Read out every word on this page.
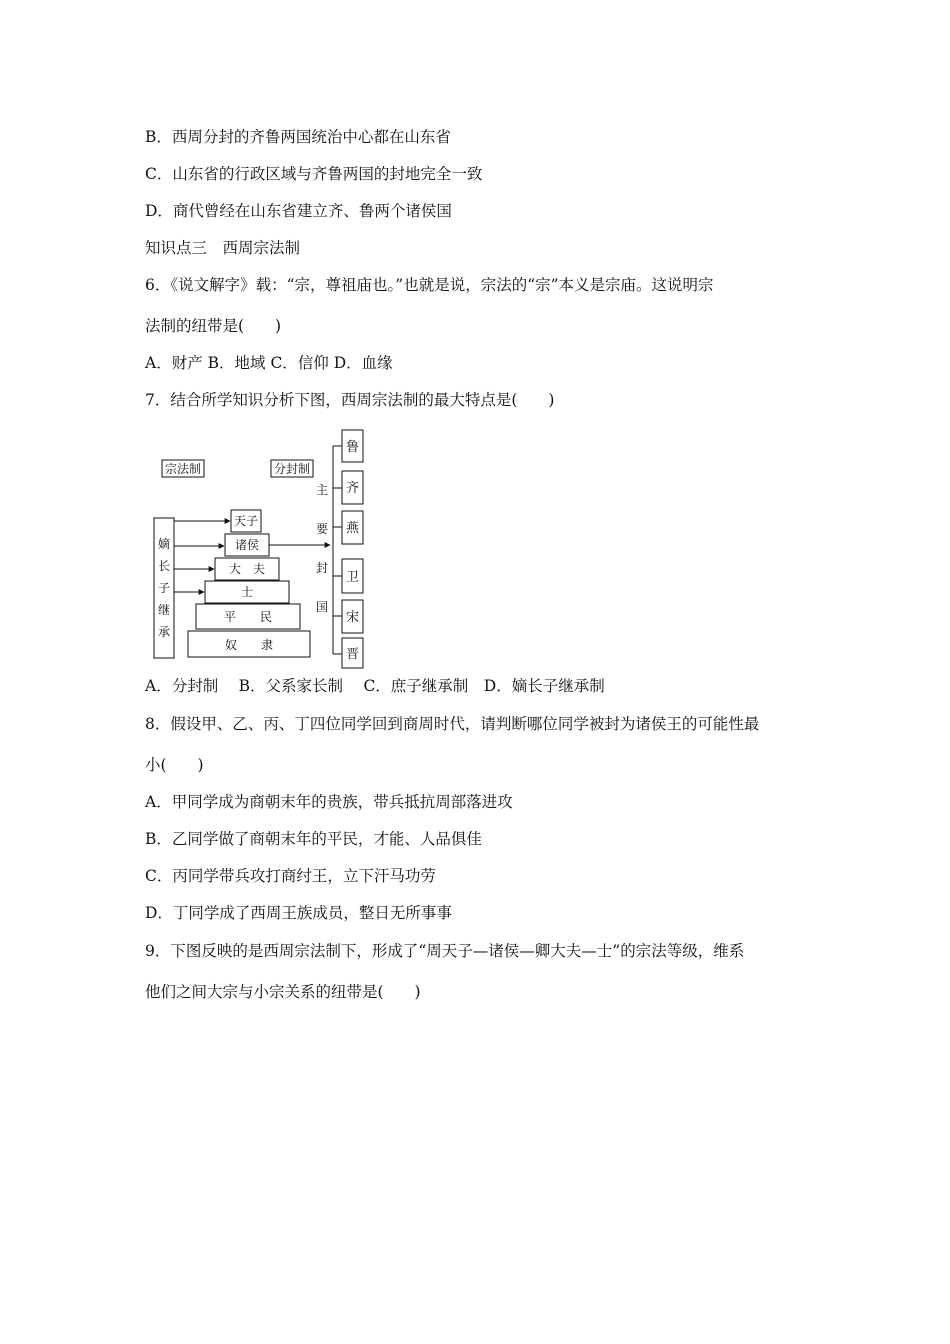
B．西周分封的齐鲁两国统治中心都在山东省
C．山东省的行政区域与齐鲁两国的封地完全一致
D．商代曾经在山东省建立齐、鲁两个诸侯国
知识点三　西周宗法制
6．《说文解字》载：“宗，尊祖庙也。”也就是说，宗法的“宗”本义是宗庙。这说明宗
法制的纽带是(　　)
A．财产 B．地域 C．信仰 D．血缘
7．结合所学知识分析下图，西周宗法制的最大特点是(　　)
A．分封制　 B．父系家长制　 C．庶子继承制　D．嫡长子继承制
8．假设甲、乙、丙、丁四位同学回到商周时代，请判断哪位同学被封为诸侯王的可能性最
小(　　)
A．甲同学成为商朝末年的贵族，带兵抵抗周部落进攻
B．乙同学做了商朝末年的平民，才能、人品俱佳
C．丙同学带兵攻打商纣王，立下汗马功劳
D．丁同学成了西周王族成员，整日无所事事
9．下图反映的是西周宗法制下，形成了“周天子—诸侯—卿大夫—士”的宗法等级，维系
他们之间大宗与小宗关系的纽带是(　　)
宗法制	分封制
嫡
长
子
继
承
天子
诸侯
大　夫
士
平　　民
奴　　隶
主
要
封
国
鲁
齐
燕
卫
宋
晋
